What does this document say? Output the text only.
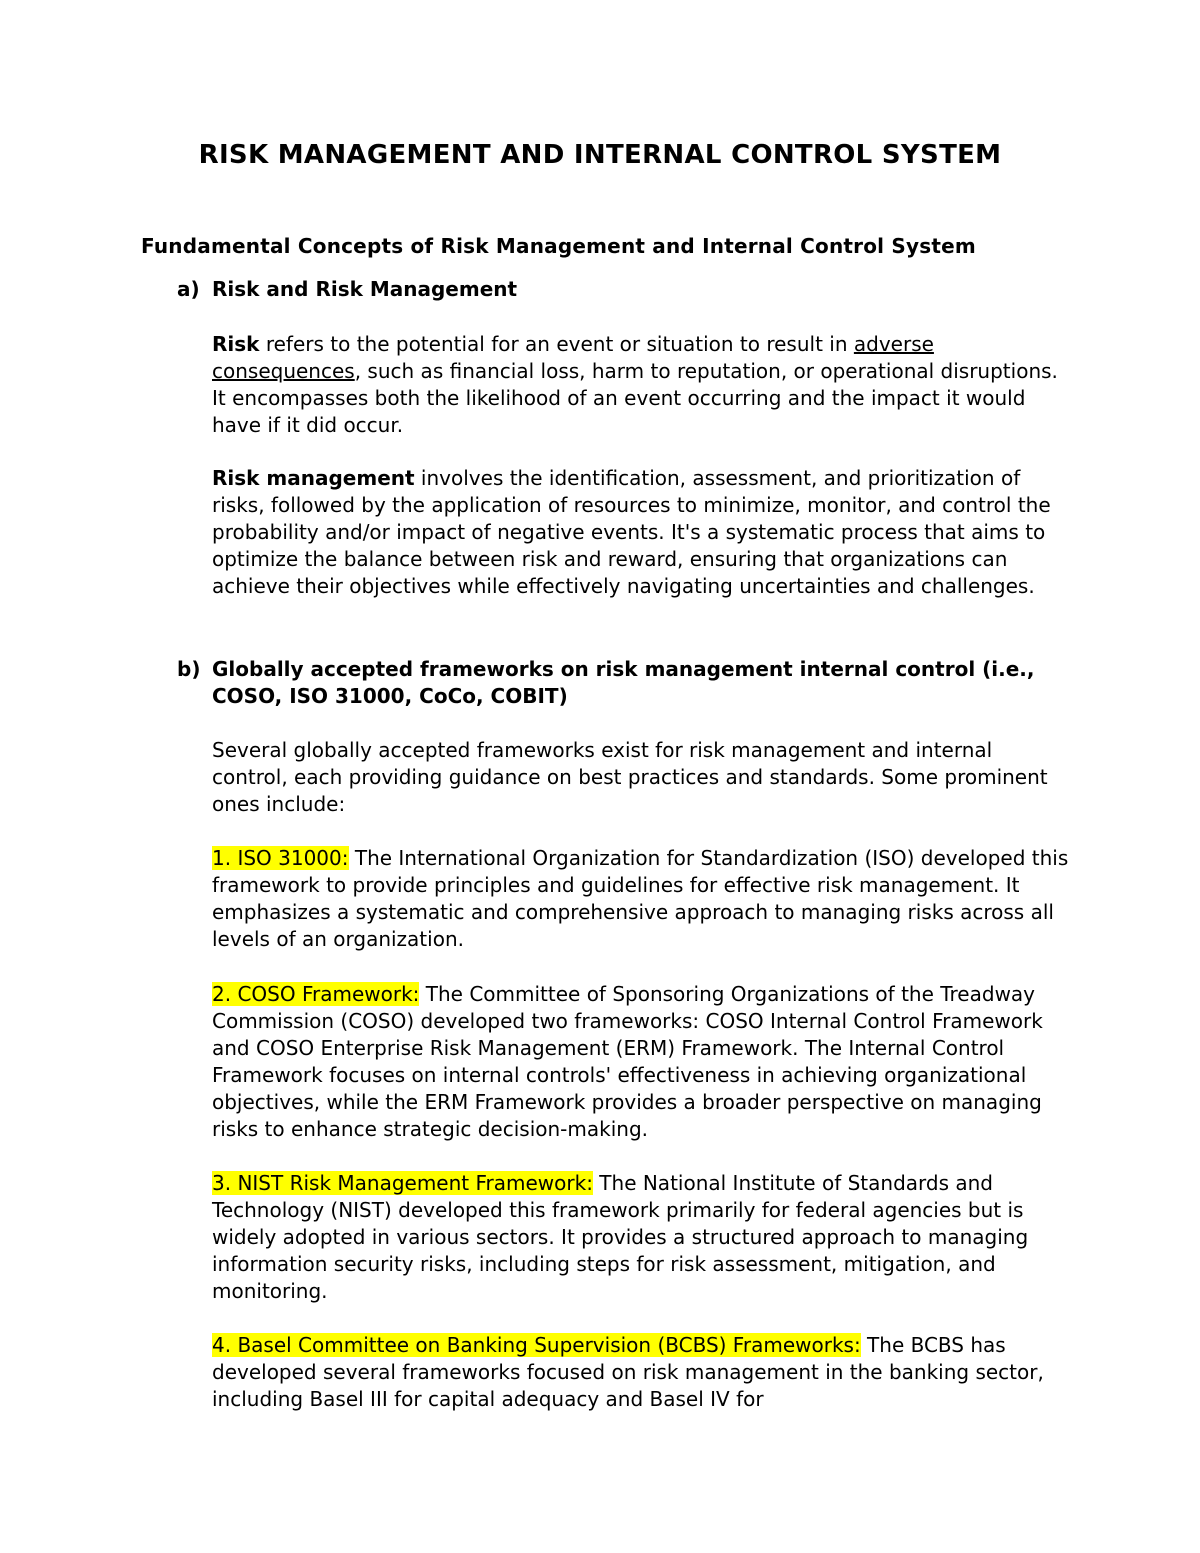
RISK MANAGEMENT AND INTERNAL CONTROL SYSTEM
Fundamental Concepts of Risk Management and Internal Control System
a) Risk and Risk Management
Risk refers to the potential for an event or situation to result in adverse consequences, such as financial loss, harm to reputation, or operational disruptions. It encompasses both the likelihood of an event occurring and the impact it would have if it did occur.
Risk management involves the identification, assessment, and prioritization of risks, followed by the application of resources to minimize, monitor, and control the probability and/or impact of negative events. It's a systematic process that aims to optimize the balance between risk and reward, ensuring that organizations can achieve their objectives while effectively navigating uncertainties and challenges.
b) Globally accepted frameworks on risk management internal control (i.e., COSO, ISO 31000, CoCo, COBIT)
Several globally accepted frameworks exist for risk management and internal control, each providing guidance on best practices and standards. Some prominent ones include:
1. ISO 31000: The International Organization for Standardization (ISO) developed this framework to provide principles and guidelines for effective risk management. It emphasizes a systematic and comprehensive approach to managing risks across all levels of an organization.
2. COSO Framework: The Committee of Sponsoring Organizations of the Treadway Commission (COSO) developed two frameworks: COSO Internal Control Framework and COSO Enterprise Risk Management (ERM) Framework. The Internal Control Framework focuses on internal controls' effectiveness in achieving organizational objectives, while the ERM Framework provides a broader perspective on managing risks to enhance strategic decision-making.
3. NIST Risk Management Framework: The National Institute of Standards and Technology (NIST) developed this framework primarily for federal agencies but is widely adopted in various sectors. It provides a structured approach to managing information security risks, including steps for risk assessment, mitigation, and monitoring.
4. Basel Committee on Banking Supervision (BCBS) Frameworks: The BCBS has developed several frameworks focused on risk management in the banking sector, including Basel III for capital adequacy and Basel IV for
